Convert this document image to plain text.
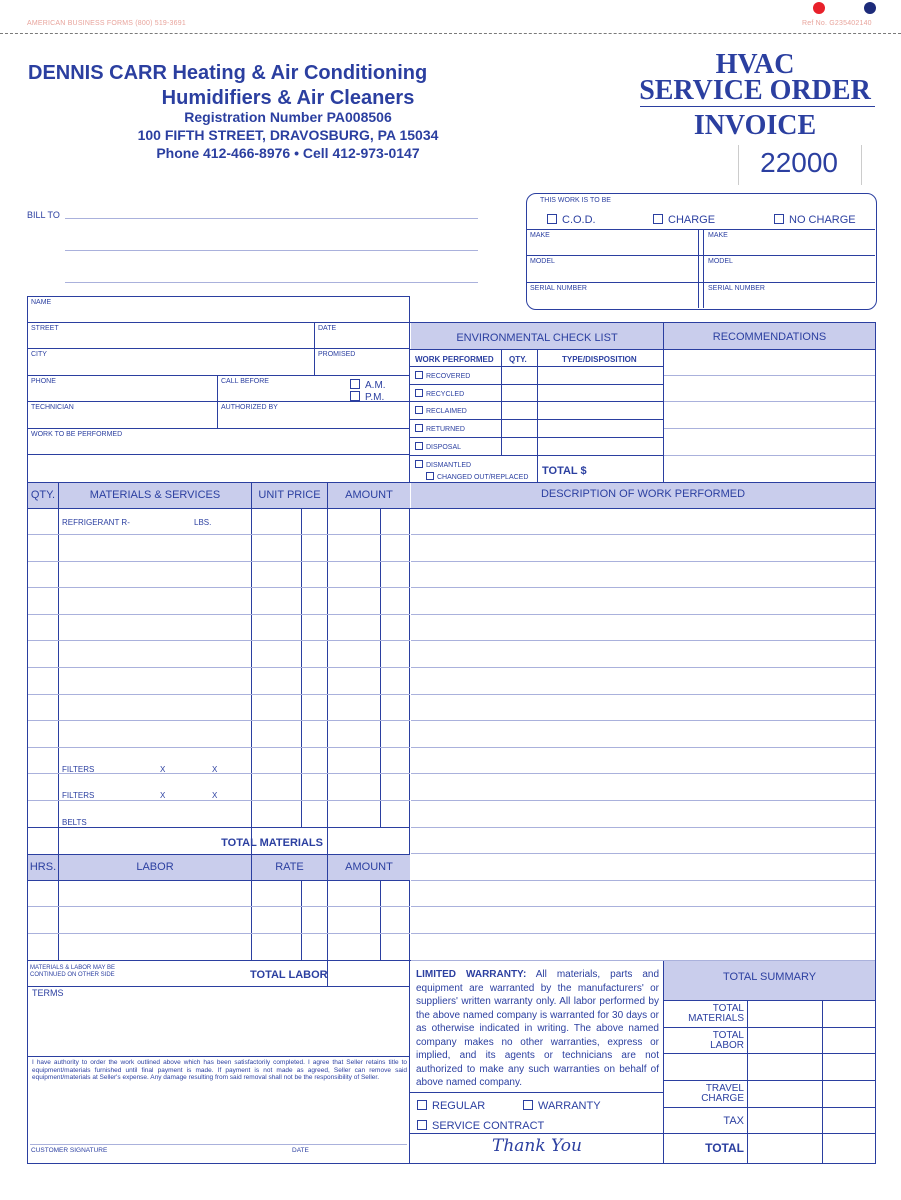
AMERICAN BUSINESS FORMS (800) 519-3691	Ref No. G235402140
DENNIS CARR Heating & Air Conditioning
Humidifiers & Air Cleaners
Registration Number PA008506
100 FIFTH STREET, DRAVOSBURG, PA 15034
Phone 412-466-8976 • Cell 412-973-0147
HVAC
SERVICE ORDER
INVOICE
22000
BILL TO
THIS WORK IS TO BE
C.O.D.	CHARGE	NO CHARGE
MAKE	MAKE
MODEL	MODEL
SERIAL NUMBER	SERIAL NUMBER
NAME
STREET	DATE
CITY	PROMISED
PHONE	CALL BEFORE	A.M.
P.M.
TECHNICIAN	AUTHORIZED BY
WORK TO BE PERFORMED
ENVIRONMENTAL CHECK LIST	RECOMMENDATIONS
WORK PERFORMED QTY.	TYPE/DISPOSITION
RECOVERED
RECYCLED
RECLAIMED
RETURNED
DISPOSAL
DISMANTLED
CHANGED OUT/REPLACED
TOTAL $
QTY.	MATERIALS & SERVICES	UNIT PRICE	AMOUNT	DESCRIPTION OF WORK PERFORMED
REFRIGERANT R-	LBS.
FILTERS	X	X
FILTERS	X	X
BELTS
TOTAL MATERIALS
HRS.	LABOR	RATE	AMOUNT
MATERIALS & LABOR MAY BE
CONTINUED ON OTHER SIDE	TOTAL LABOR
TERMS
I have authority to order the work outlined above which has been satisfactorily completed. I agree that Seller retains title to equipment/materials furnished until final payment is made. If payment is not made as agreed, Seller can remove said equipment/materials at Seller's expense. Any damage resulting from said removal shall not be the responsibility of Seller.
CUSTOMER SIGNATURE	DATE
LIMITED WARRANTY: All materials, parts and equipment are warranted by the manufacturers' or suppliers' written warranty only. All labor performed by the above named company is warranted for 30 days or as otherwise indicated in writing. The above named company makes no other warranties, express or implied, and its agents or technicians are not authorized to make any such warranties on behalf of above named company.
REGULAR	WARRANTY
SERVICE CONTRACT
Thank You
TOTAL SUMMARY
TOTAL
MATERIALS
TOTAL
LABOR
TRAVEL
CHARGE
TAX
TOTAL
